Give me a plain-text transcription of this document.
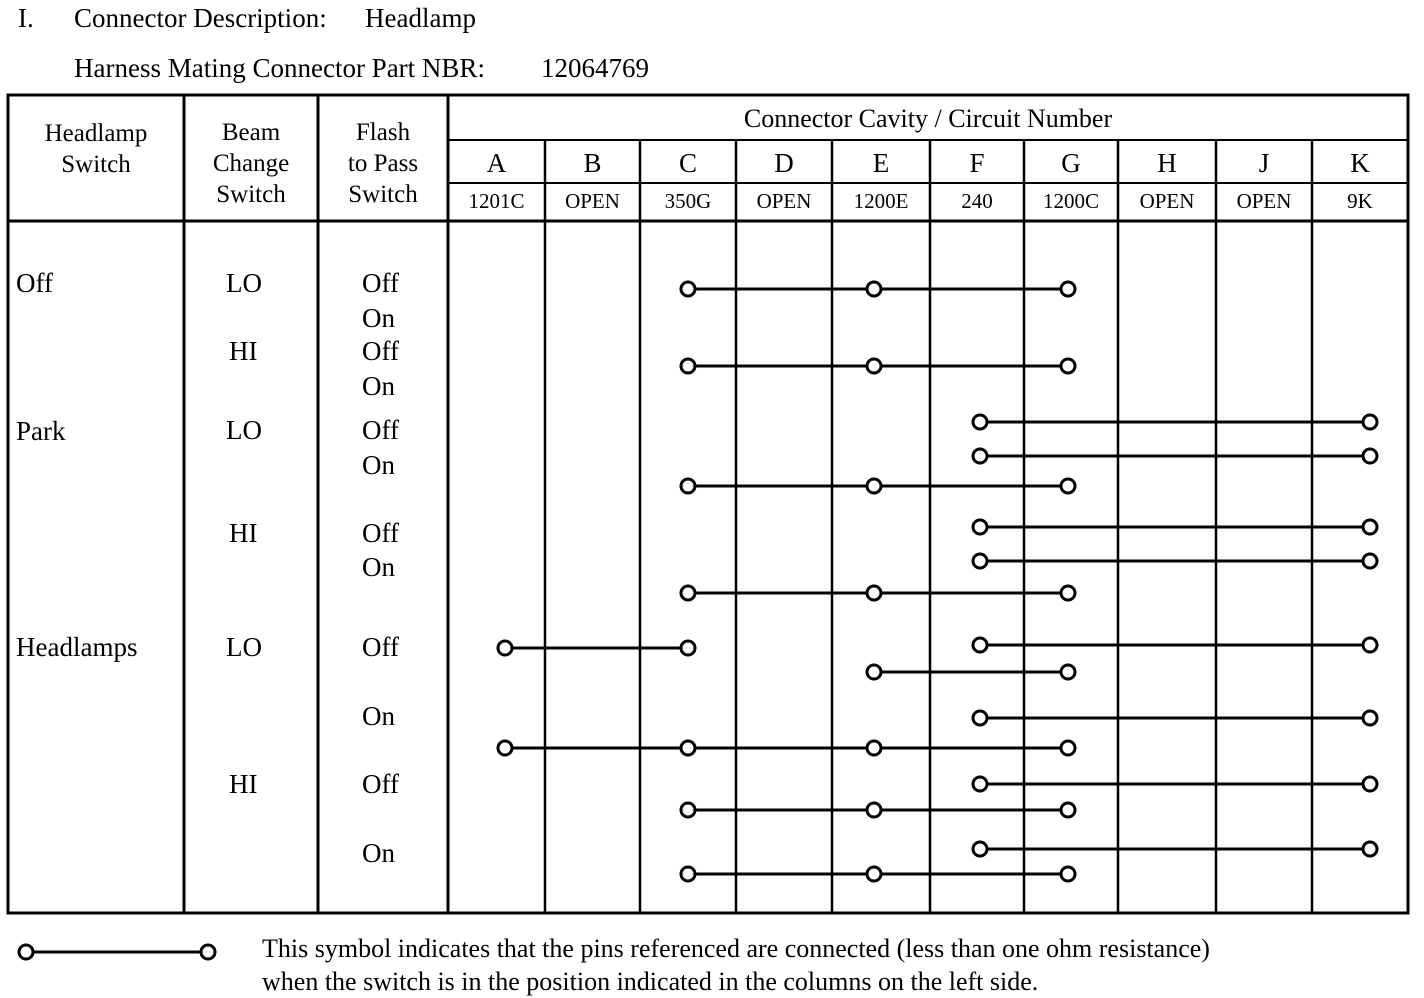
I. Connector Description: Headlamp
Harness Mating Connector Part NBR: 12064769
Headlamp
Switch
Beam
Change
Switch
Flash
to Pass
Switch
Connector Cavity / Circuit Number
A
1201C
B
OPEN
C
350G
D
OPEN
E
1200E
F
240
G
1200C
H
OPEN
J
OPEN
K
9K
Off
Park
Headlamps
LO
HI
LO
HI
LO
HI
Off
On
Off
On
Off
On
Off
On
Off
On
Off
On
This symbol indicates that the pins referenced are connected (less than one ohm resistance)
when the switch is in the position indicated in the columns on the left side.
